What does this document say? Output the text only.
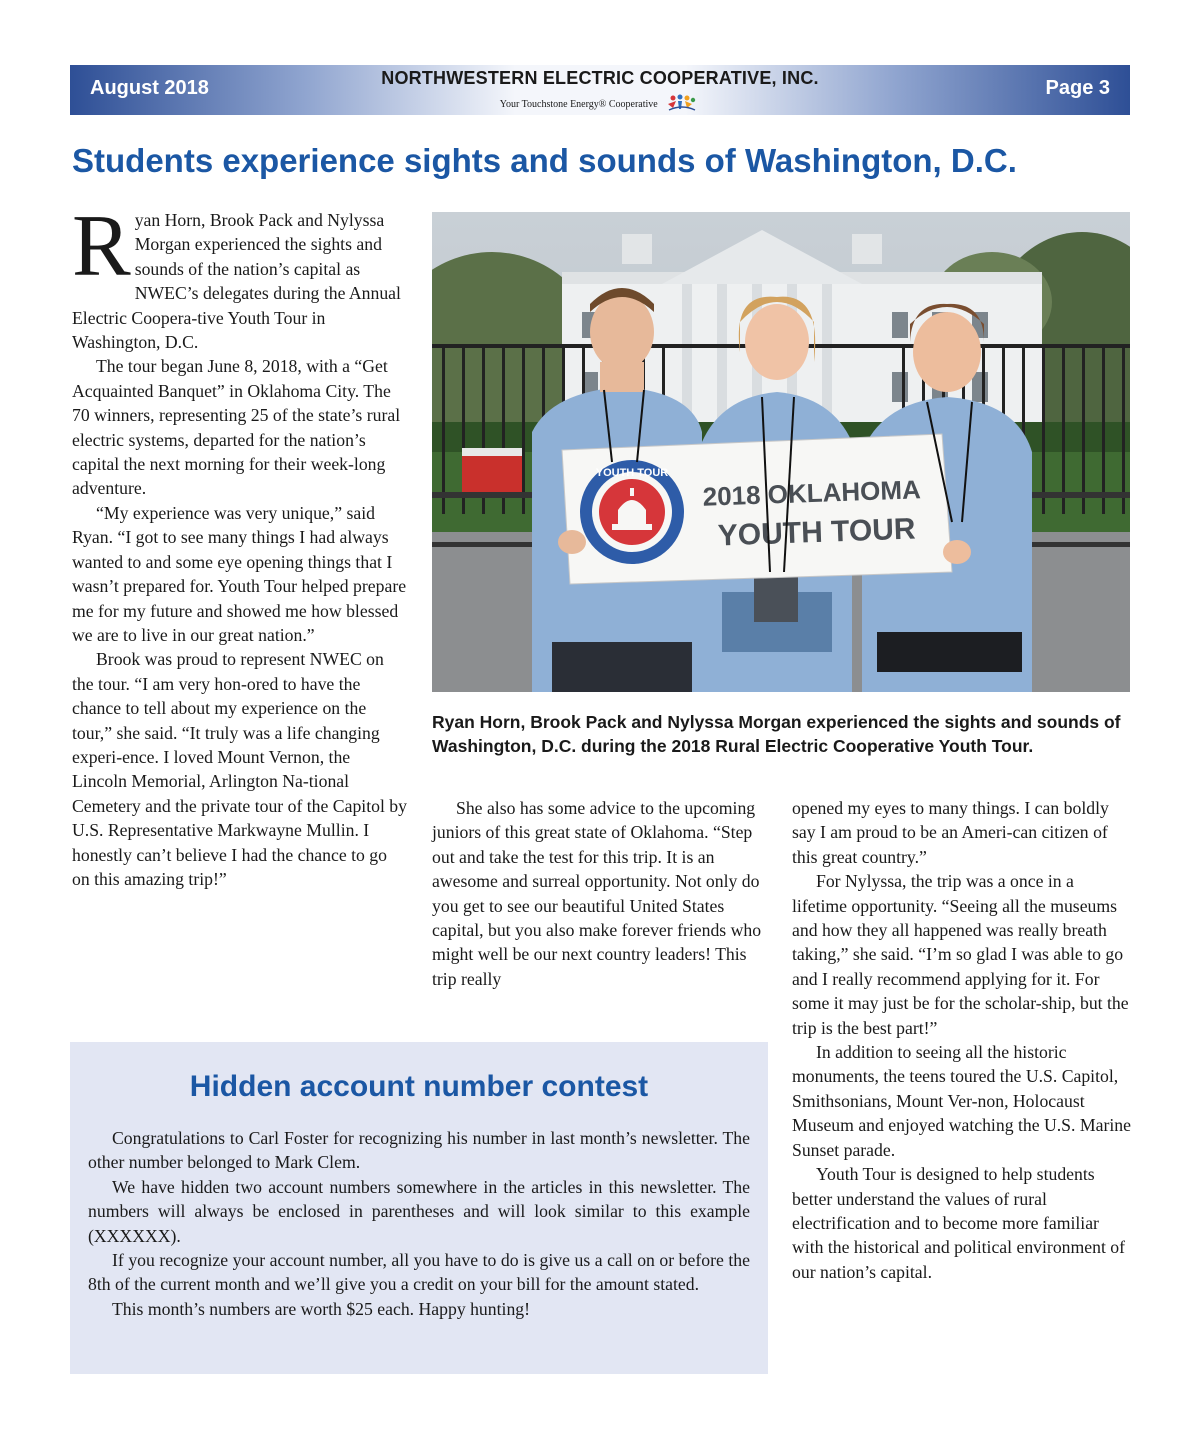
August 2018	NORTHWESTERN ELECTRIC COOPERATIVE, INC.
Your Touchstone Energy® Cooperative
Page 3
Students experience sights and sounds of Washington, D.C.

Ryan Horn, Brook Pack and Nylyssa Morgan experienced the sights and sounds of the nation’s capital as NWEC’s delegates during the Annual Electric Coopera-tive Youth Tour in Washington, D.C.

The tour began June 8, 2018, with a “Get Acquainted Banquet” in Oklahoma City. The 70 winners, representing 25 of the state’s rural electric systems, departed for the nation’s capital the next morning for their week-long adventure.

“My experience was very unique,” said Ryan. “I got to see many things I had always wanted to and some eye opening things that I wasn’t prepared for. Youth Tour helped prepare me for my future and showed me how blessed we are to live in our great nation.”

Brook was proud to represent NWEC on the tour. “I am very hon-ored to have the chance to tell about my experience on the tour,” she said. “It truly was a life changing experi-ence. I loved Mount Vernon, the Lincoln Memorial, Arlington Na-tional Cemetery and the private tour of the Capitol by U.S. Representative Markwayne Mullin. I honestly can’t believe I had the chance to go on this amazing trip!”

YOUTH TOUR
2018 OKLAHOMA
YOUTH TOUR
Ryan Horn, Brook Pack and Nylyssa Morgan experienced the sights and sounds of Washington, D.C. during the 2018 Rural Electric Cooperative Youth Tour.

She also has some advice to the upcoming juniors of this great state of Oklahoma. “Step out and take the test for this trip. It is an awesome and surreal opportunity. Not only do you get to see our beautiful United States capital, but you also make forever friends who might well be our next country leaders! This trip really

opened my eyes to many things. I can boldly say I am proud to be an Ameri-can citizen of this great country.”

For Nylyssa, the trip was a once in a lifetime opportunity. “Seeing all the museums and how they all happened was really breath taking,” she said. “I’m so glad I was able to go and I really recommend applying for it. For some it may just be for the scholar-ship, but the trip is the best part!”

In addition to seeing all the historic monuments, the teens toured the U.S. Capitol, Smithsonians, Mount Ver-non, Holocaust Museum and enjoyed watching the U.S. Marine Sunset parade.

Youth Tour is designed to help students better understand the values of rural electrification and to become more familiar with the historical and political environment of our nation’s capital.

Hidden account number contest

Congratulations to Carl Foster for recognizing his number in last month’s newsletter. The other number belonged to Mark Clem.

We have hidden two account numbers somewhere in the articles in this newsletter. The numbers will always be enclosed in parentheses and will look similar to this example (XXXXXX).

If you recognize your account number, all you have to do is give us a call on or before the 8th of the current month and we’ll give you a credit on your bill for the amount stated.

This month’s numbers are worth $25 each. Happy hunting!
